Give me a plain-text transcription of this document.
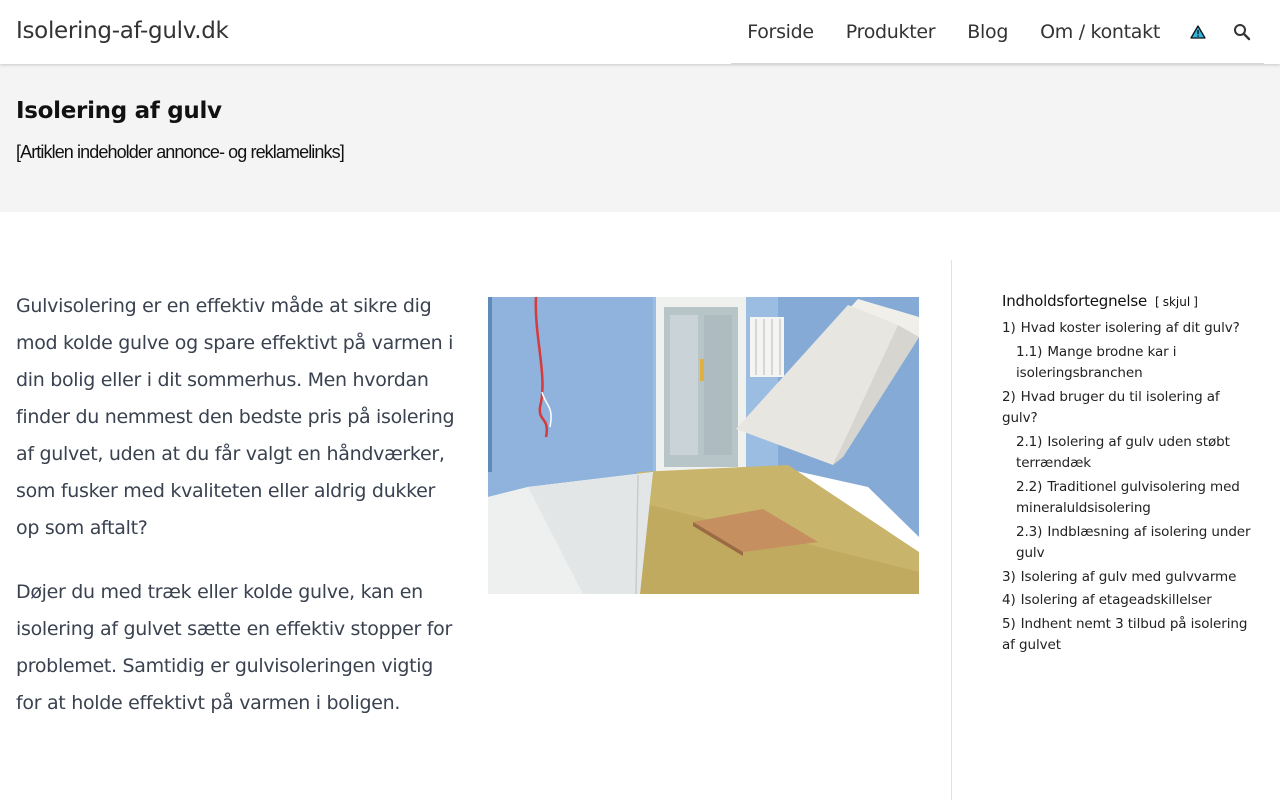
Isolering-af-gulv.dk	Forside	Produkter	Blog	Om / kontakt
Isolering af gulv
[Artiklen indeholder annonce- og reklamelinks]

Gulvisolering er en effektiv måde at sikre dig mod kolde gulve og spare effektivt på varmen i din bolig eller i dit sommerhus. Men hvordan finder du nemmest den bedste pris på isolering af gulvet, uden at du får valgt en håndværker, som fusker med kvaliteten eller aldrig dukker op som aftalt?

Døjer du med træk eller kolde gulve, kan en isolering af gulvet sætte en effektiv stopper for problemet. Samtidig er gulvisoleringen vigtig for at holde effektivt på varmen i boligen.

Indholdsfortegnelse [ skjul ]
1) Hvad koster isolering af dit gulv?
1.1) Mange brodne kar i isoleringsbranchen
2) Hvad bruger du til isolering af gulv?
2.1) Isolering af gulv uden støbt terrændæk
2.2) Traditionel gulvisolering med mineraluldsisolering
2.3) Indblæsning af isolering under gulv
3) Isolering af gulv med gulvvarme
4) Isolering af etageadskillelser
5) Indhent nemt 3 tilbud på isolering af gulvet
